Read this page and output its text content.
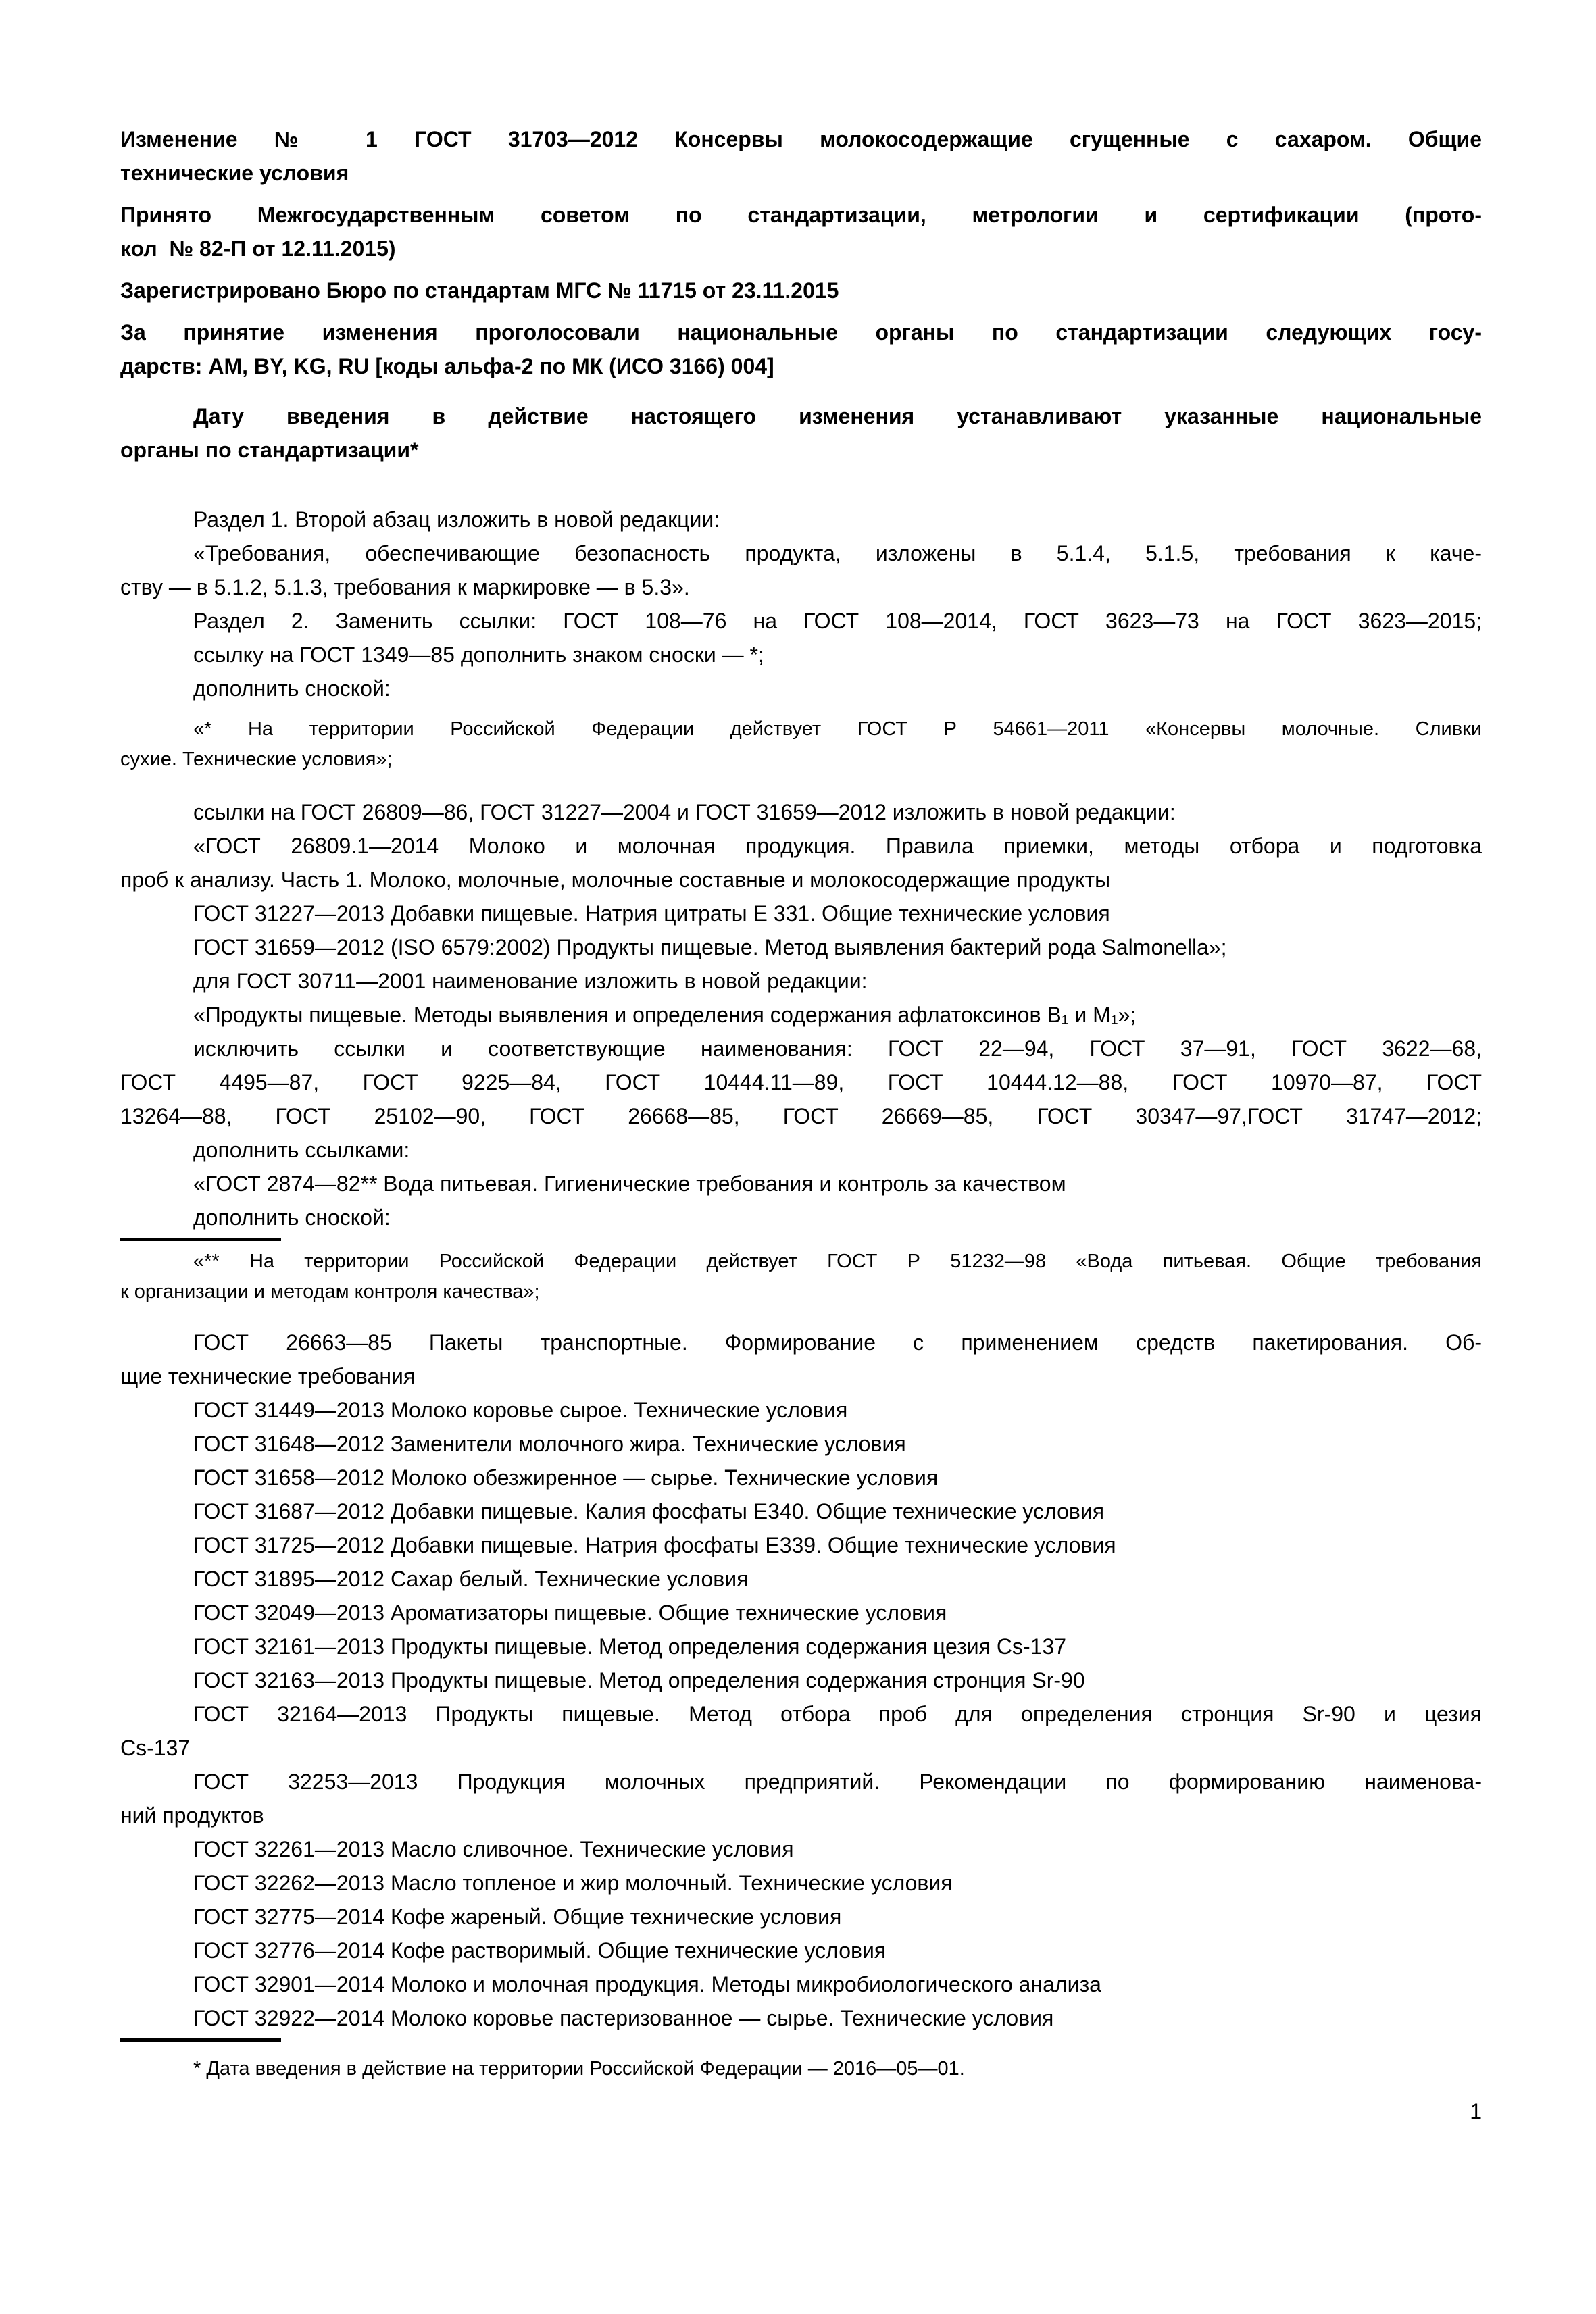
Изменение № 1 ГОСТ 31703—2012 Консервы молокосодержащие сгущенные с сахаром. Общие
технические условия
Принято Межгосударственным советом по стандартизации, метрологии и сертификации (прото-
кол  № 82-П от 12.11.2015)
Зарегистрировано Бюро по стандартам МГС № 11715 от 23.11.2015
За принятие изменения проголосовали национальные органы по стандартизации следующих госу-
дарств: AM, BY, KG, RU [коды альфа-2 по МК (ИСО 3166) 004]
Дату введения в действие настоящего изменения устанавливают указанные национальные
органы по стандартизации*
Раздел 1. Второй абзац изложить в новой редакции:
«Требования, обеспечивающие безопасность продукта, изложены в 5.1.4, 5.1.5, требования к каче-
ству — в 5.1.2, 5.1.3, требования к маркировке — в 5.3».
Раздел 2. Заменить ссылки: ГОСТ 108—76 на ГОСТ 108—2014, ГОСТ 3623—73 на ГОСТ 3623—2015;
ссылку на ГОСТ 1349—85 дополнить знаком сноски — *;
дополнить сноской:
«* На территории Российской Федерации действует ГОСТ Р 54661—2011 «Консервы молочные. Сливки
сухие. Технические условия»;
ссылки на ГОСТ 26809—86, ГОСТ 31227—2004 и ГОСТ 31659—2012 изложить в новой редакции:
«ГОСТ 26809.1—2014 Молоко и молочная продукция. Правила приемки, методы отбора и подготовка
проб к анализу. Часть 1. Молоко, молочные, молочные составные и молокосодержащие продукты
ГОСТ 31227—2013 Добавки пищевые. Натрия цитраты Е 331. Общие технические условия
ГОСТ 31659—2012 (ISO 6579:2002) Продукты пищевые. Метод выявления бактерий рода Salmonella»;
для ГОСТ 30711—2001 наименование изложить в новой редакции:
«Продукты пищевые. Методы выявления и определения содержания афлатоксинов В₁ и М₁»;
исключить ссылки и соответствующие наименования: ГОСТ 22—94, ГОСТ 37—91, ГОСТ 3622—68,
ГОСТ 4495—87, ГОСТ 9225—84, ГОСТ 10444.11—89, ГОСТ 10444.12—88, ГОСТ 10970—87, ГОСТ
13264—88, ГОСТ 25102—90, ГОСТ 26668—85, ГОСТ 26669—85, ГОСТ 30347—97,ГОСТ 31747—2012;
дополнить ссылками:
«ГОСТ 2874—82** Вода питьевая. Гигиенические требования и контроль за качеством
дополнить сноской:
«** На территории Российской Федерации действует ГОСТ Р 51232—98 «Вода питьевая. Общие требования
к организации и методам контроля качества»;
ГОСТ 26663—85 Пакеты транспортные. Формирование с применением средств пакетирования. Об-
щие технические требования
ГОСТ 31449—2013 Молоко коровье сырое. Технические условия
ГОСТ 31648—2012 Заменители молочного жира. Технические условия
ГОСТ 31658—2012 Молоко обезжиренное — сырье. Технические условия
ГОСТ 31687—2012 Добавки пищевые. Калия фосфаты Е340. Общие технические условия
ГОСТ 31725—2012 Добавки пищевые. Натрия фосфаты Е339. Общие технические условия
ГОСТ 31895—2012 Сахар белый. Технические условия
ГОСТ 32049—2013 Ароматизаторы пищевые. Общие технические условия
ГОСТ 32161—2013 Продукты пищевые. Метод определения содержания цезия Cs-137
ГОСТ 32163—2013 Продукты пищевые. Метод определения содержания стронция Sr-90
ГОСТ 32164—2013 Продукты пищевые. Метод отбора проб для определения стронция Sr-90 и цезия
Cs-137
ГОСТ 32253—2013 Продукция молочных предприятий. Рекомендации по формированию наименова-
ний продуктов
ГОСТ 32261—2013 Масло сливочное. Технические условия
ГОСТ 32262—2013 Масло топленое и жир молочный. Технические условия
ГОСТ 32775—2014 Кофе жареный. Общие технические условия
ГОСТ 32776—2014 Кофе растворимый. Общие технические условия
ГОСТ 32901—2014 Молоко и молочная продукция. Методы микробиологического анализа
ГОСТ 32922—2014 Молоко коровье пастеризованное — сырье. Технические условия
* Дата введения в действие на территории Российской Федерации — 2016—05—01.
1
